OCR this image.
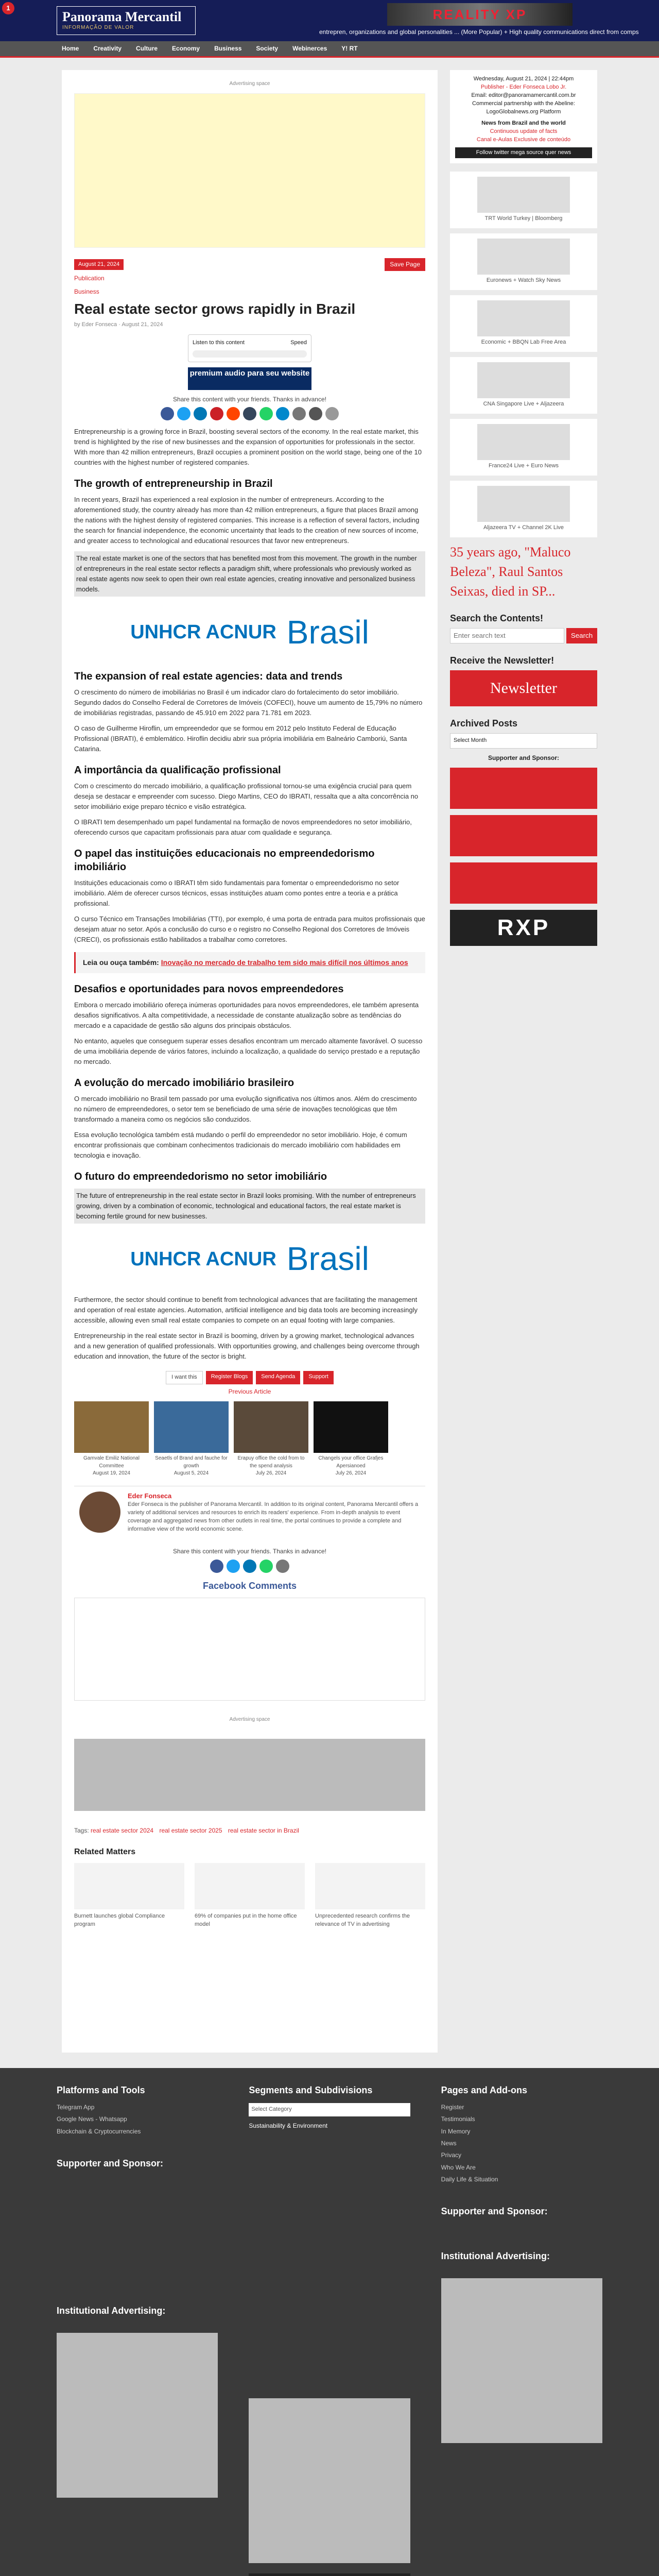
1
Panorama Mercantil
INFORMAÇÃO DE VALOR
REALITY XP
entrepren, organizations and global personalities ... (More Popular) + High quality communications direct from comps
Home Creativity Culture Economy Business Society Webinerces Y! RT
Advertising space
August 21, 2024	Save Page
Publication
Business
Real estate sector grows rapidly in Brazil
by Eder Fonseca · August 21, 2024
Listen to this content	Speed
premium audio para seu website
Share this content with your friends. Thanks in advance!

Entrepreneurship is a growing force in Brazil, boosting several sectors of the economy. In the real estate market, this trend is highlighted by the rise of new businesses and the expansion of opportunities for professionals in the sector. With more than 42 million entrepreneurs, Brazil occupies a prominent position on the world stage, being one of the 10 countries with the highest number of registered companies.

The growth of entrepreneurship in Brazil

In recent years, Brazil has experienced a real explosion in the number of entrepreneurs. According to the aforementioned study, the country already has more than 42 million entrepreneurs, a figure that places Brazil among the nations with the highest density of registered companies. This increase is a reflection of several factors, including the search for financial independence, the economic uncertainty that leads to the creation of new sources of income, and greater access to technological and educational resources that favor new entrepreneurs.

The real estate market is one of the sectors that has benefited most from this movement. The growth in the number of entrepreneurs in the real estate sector reflects a paradigm shift, where professionals who previously worked as real estate agents now seek to open their own real estate agencies, creating innovative and personalized business models.
UNHCR ACNUR Brasil
The expansion of real estate agencies: data and trends

O crescimento do número de imobiliárias no Brasil é um indicador claro do fortalecimento do setor imobiliário. Segundo dados do Conselho Federal de Corretores de Imóveis (COFECI), houve um aumento de 15,79% no número de imobiliárias registradas, passando de 45.910 em 2022 para 71.781 em 2023.

O caso de Guilherme Hiroflin, um empreendedor que se formou em 2012 pelo Instituto Federal de Educação Profissional (IBRATI), é emblemático. Hiroflin decidiu abrir sua própria imobiliária em Balneário Camboriú, Santa Catarina.

A importância da qualificação profissional

Com o crescimento do mercado imobiliário, a qualificação profissional tornou-se uma exigência crucial para quem deseja se destacar e empreender com sucesso. Diego Martins, CEO do IBRATI, ressalta que a alta concorrência no setor imobiliário exige preparo técnico e visão estratégica.

O IBRATI tem desempenhado um papel fundamental na formação de novos empreendedores no setor imobiliário, oferecendo cursos que capacitam profissionais para atuar com qualidade e segurança.

O papel das instituições educacionais no empreendedorismo imobiliário

Instituições educacionais como o IBRATI têm sido fundamentais para fomentar o empreendedorismo no setor imobiliário. Além de oferecer cursos técnicos, essas instituições atuam como pontes entre a teoria e a prática profissional.

O curso Técnico em Transações Imobiliárias (TTI), por exemplo, é uma porta de entrada para muitos profissionais que desejam atuar no setor. Após a conclusão do curso e o registro no Conselho Regional dos Corretores de Imóveis (CRECI), os profissionais estão habilitados a trabalhar como corretores.

Leia ou ouça também: Inovação no mercado de trabalho tem sido mais difícil nos últimos anos
Desafios e oportunidades para novos empreendedores

Embora o mercado imobiliário ofereça inúmeras oportunidades para novos empreendedores, ele também apresenta desafios significativos. A alta competitividade, a necessidade de constante atualização sobre as tendências do mercado e a capacidade de gestão são alguns dos principais obstáculos.

No entanto, aqueles que conseguem superar esses desafios encontram um mercado altamente favorável. O sucesso de uma imobiliária depende de vários fatores, incluindo a localização, a qualidade do serviço prestado e a reputação no mercado.

A evolução do mercado imobiliário brasileiro

O mercado imobiliário no Brasil tem passado por uma evolução significativa nos últimos anos. Além do crescimento no número de empreendedores, o setor tem se beneficiado de uma série de inovações tecnológicas que têm transformado a maneira como os negócios são conduzidos.

Essa evolução tecnológica também está mudando o perfil do empreendedor no setor imobiliário. Hoje, é comum encontrar profissionais que combinam conhecimentos tradicionais do mercado imobiliário com habilidades em tecnologia e inovação.

O futuro do empreendedorismo no setor imobiliário
The future of entrepreneurship in the real estate sector in Brazil looks promising. With the number of entrepreneurs growing, driven by a combination of economic, technological and educational factors, the real estate market is becoming fertile ground for new businesses.
UNHCR ACNUR Brasil

Furthermore, the sector should continue to benefit from technological advances that are facilitating the management and operation of real estate agencies. Automation, artificial intelligence and big data tools are becoming increasingly accessible, allowing even small real estate companies to compete on an equal footing with large companies.

Entrepreneurship in the real estate sector in Brazil is booming, driven by a growing market, technological advances and a new generation of qualified professionals. With opportunities growing, and challenges being overcome through education and innovation, the future of the sector is bright.

I want this	Register Blogs	Send Agenda	Support
Previous Article
Gamvale Emiliz National Committee
August 19, 2024
Seaetls of Brand and fauche for growth
August 5, 2024
Erapuy office the cold from to the spend analysis
July 26, 2024
Changels your office Grafjes Apersianoed
July 26, 2024
Eder Fonseca
Eder Fonseca is the publisher of Panorama Mercantil. In addition to its original content, Panorama Mercantil offers a variety of additional services and resources to enrich its readers' experience. From in-depth analysis to event coverage and aggregated news from other outlets in real time, the portal continues to provide a complete and informative view of the world economic scene.
Share this content with your friends. Thanks in advance!
Facebook Comments
Advertising space
Tags: real estate sector 2024 real estate sector 2025 real estate sector in Brazil
Related Matters
Burnett launches global Compliance program
69% of companies put in the home office model
Unprecedented research confirms the relevance of TV in advertising
Wednesday, August 21, 2024 | 22:44pm
Publisher - Eder Fonseca Lobo Jr.
Email: editor@panoramamercantil.com.br
Commercial partnership with the Abeline: LogoGlobalnews.org Platform
News from Brazil and the world
Continuous update of facts
Canal e-Aulas Exclusive de conteúdo
Follow twitter mega source quer news
TRT World Turkey | Bloomberg
Euronews + Watch Sky News
Economic + BBQN Lab Free Area
CNA Singapore Live + Aljazeera
France24 Live + Euro News
Aljazeera TV + Channel 2K Live
35 years ago, "Maluco Beleza", Raul Santos Seixas, died in SP...
Search the Contents!
Enter search text
Search
Receive the Newsletter!
Newsletter
Archived Posts
Select Month
Supporter and Sponsor:
RXP
Platforms and Tools
Telegram App
Google News - Whatsapp
Blockchain & Cryptocurrencies
Supporter and Sponsor:
Institutional Advertising:
Segments and Subdivisions
Select Category
Sustainability & Environment
Pages and Add-ons
Register
Testimonials
In Memory
News
Privacy
Who We Are
Daily Life & Situation
Supporter and Sponsor:
Institutional Advertising:
